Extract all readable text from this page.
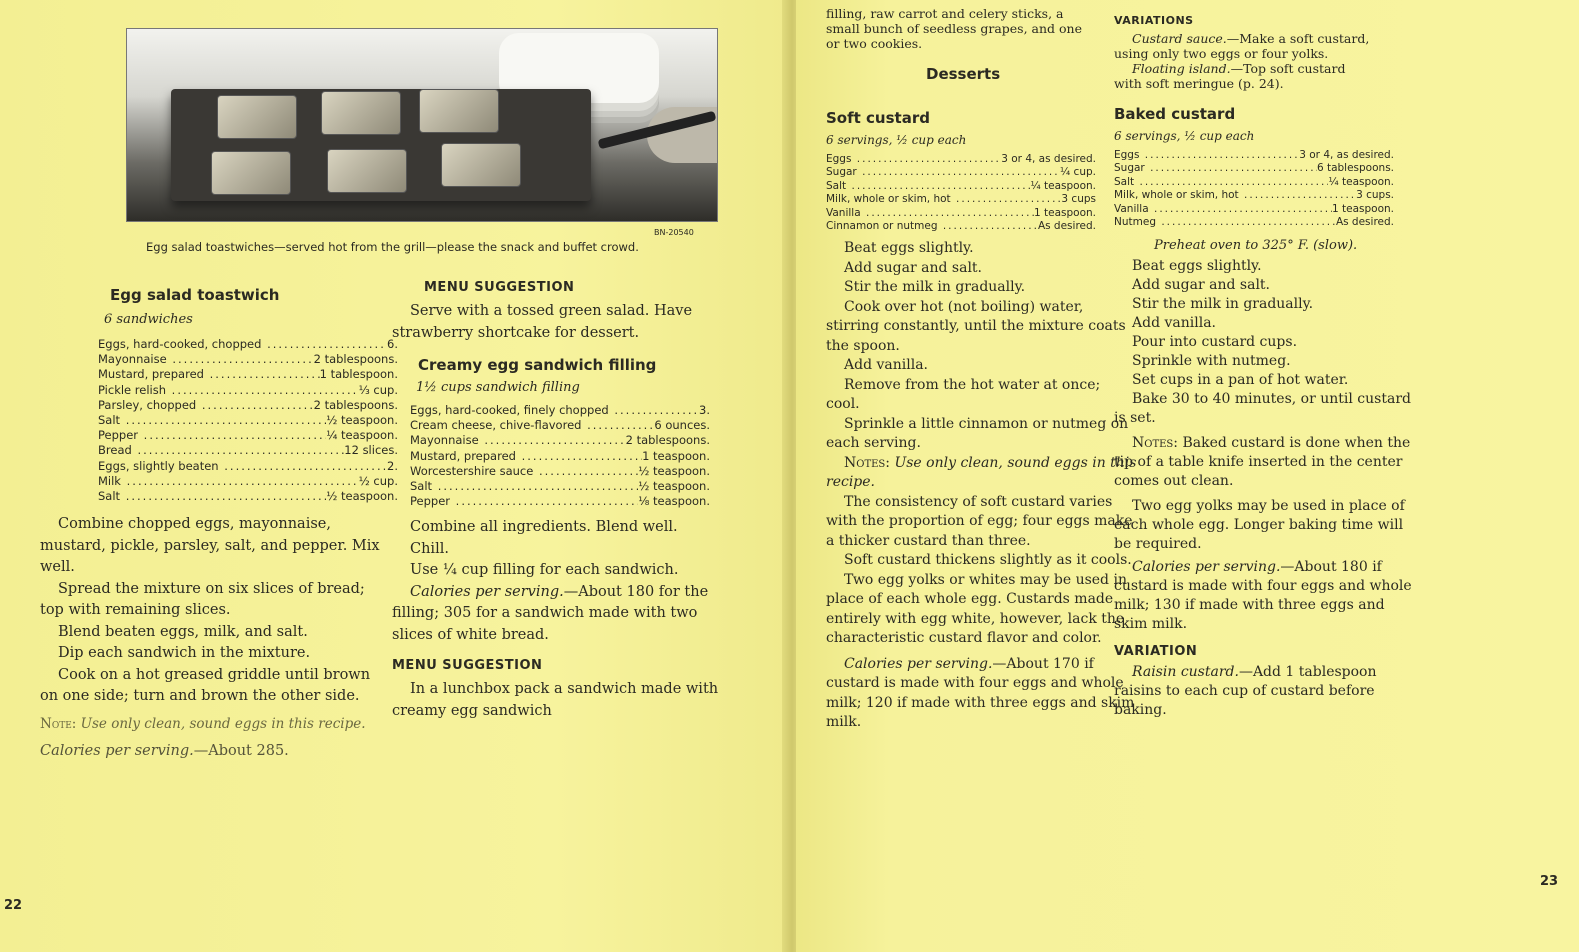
BN-20540
Egg salad toastwiches—served hot from the grill—please the snack and buffet crowd.
Egg salad toastwich
6 sandwiches
Eggs, hard-cooked, chopped .....	6.
Mayonnaise .....	2 tablespoons.
Mustard, prepared .....	1 tablespoon.
Pickle relish .....	⅓ cup.
Parsley, chopped .....	2 tablespoons.
Salt .....	½ teaspoon.
Pepper .....	¼ teaspoon.
Bread .....	12 slices.
Eggs, slightly beaten .....	2.
Milk .....	½ cup.
Salt .....	½ teaspoon.

Combine chopped eggs, mayonnaise, mustard, pickle, parsley, salt, and pepper. Mix well.

Spread the mixture on six slices of bread; top with remaining slices.

Blend beaten eggs, milk, and salt.

Dip each sandwich in the mixture.

Cook on a hot greased griddle until brown on one side; turn and brown the other side.

Note: Use only clean, sound eggs in this recipe.
Calories per serving.—About 285.
MENU SUGGESTION

Serve with a tossed green salad. Have strawberry shortcake for dessert.

Creamy egg sandwich filling
1½ cups sandwich filling
Eggs, hard-cooked, finely chopped .....	3.
Cream cheese, chive-flavored .....	6 ounces.
Mayonnaise .....	2 tablespoons.
Mustard, prepared .....	1 teaspoon.
Worcestershire sauce .....	½ teaspoon.
Salt .....	½ teaspoon.
Pepper .....	⅛ teaspoon.

Combine all ingredients. Blend well.

Chill.

Use ¼ cup filling for each sandwich.

Calories per serving.—About 180 for the filling; 305 for a sandwich made with two slices of white bread.
MENU SUGGESTION

In a lunchbox pack a sandwich made with creamy egg sandwich

22
filling, raw carrot and celery sticks, a small bunch of seedless grapes, and one or two cookies.
Desserts
Soft custard
6 servings, ½ cup each
Eggs .....	3 or 4, as desired.
Sugar .....	¼ cup.
Salt .....	¼ teaspoon.
Milk, whole or skim, hot .....	3 cups
Vanilla .....	1 teaspoon.
Cinnamon or nutmeg .....	As desired.

Beat eggs slightly.

Add sugar and salt.

Stir the milk in gradually.

Cook over hot (not boiling) water, stirring constantly, until the mixture coats the spoon.

Add vanilla.

Remove from the hot water at once; cool.

Sprinkle a little cinnamon or nutmeg on each serving.

Notes: Use only clean, sound eggs in this recipe.

The consistency of soft custard varies with the proportion of egg; four eggs make a thicker custard than three.

Soft custard thickens slightly as it cools.

Two egg yolks or whites may be used in place of each whole egg. Custards made entirely with egg white, however, lack the characteristic custard flavor and color.

Calories per serving.—About 170 if custard is made with four eggs and whole milk; 120 if made with three eggs and skim milk.
VARIATIONS

Custard sauce.—Make a soft custard, using only two eggs or four yolks.

Floating island.—Top soft custard with soft meringue (p. 24).

Baked custard
6 servings, ½ cup each
Eggs .....	3 or 4, as desired.
Sugar .....	6 tablespoons.
Salt .....	¼ teaspoon.
Milk, whole or skim, hot .....	3 cups.
Vanilla .....	1 teaspoon.
Nutmeg .....	As desired.
Preheat oven to 325° F. (slow).

Beat eggs slightly.

Add sugar and salt.

Stir the milk in gradually.

Add vanilla.

Pour into custard cups.

Sprinkle with nutmeg.

Set cups in a pan of hot water.

Bake 30 to 40 minutes, or until custard is set.

Notes: Baked custard is done when the tip of a table knife inserted in the center comes out clean.

Two egg yolks may be used in place of each whole egg. Longer baking time will be required.

Calories per serving.—About 180 if custard is made with four eggs and whole milk; 130 if made with three eggs and skim milk.
VARIATION
Raisin custard.—Add 1 tablespoon raisins to each cup of custard before baking.
23
